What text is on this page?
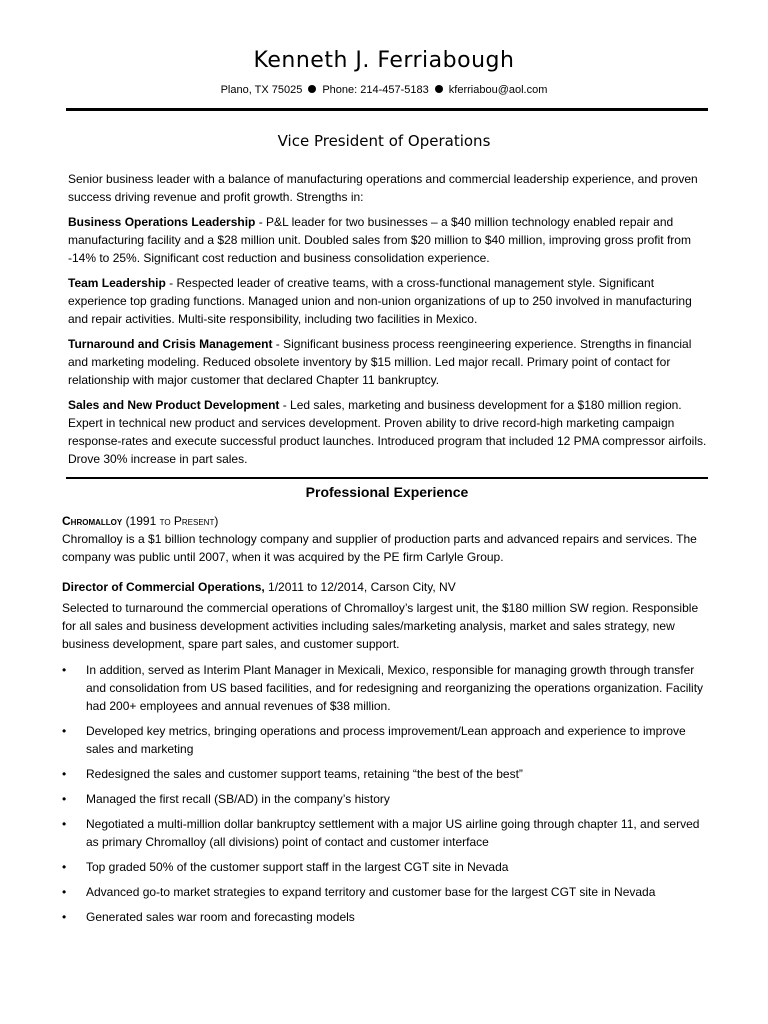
Kenneth J. Ferriabough
Plano, TX 75025 Phone: 214-457-5183 kferriabou@aol.com
Vice President of Operations

Senior business leader with a balance of manufacturing operations and commercial leadership experience, and proven success driving revenue and profit growth. Strengths in:

Business Operations Leadership - P&L leader for two businesses – a $40 million technology enabled repair and manufacturing facility and a $28 million unit. Doubled sales from $20 million to $40 million, improving gross profit from -14% to 25%. Significant cost reduction and business consolidation experience.

Team Leadership - Respected leader of creative teams, with a cross-functional management style. Significant experience top grading functions. Managed union and non-union organizations of up to 250 involved in manufacturing and repair activities. Multi-site responsibility, including two facilities in Mexico.

Turnaround and Crisis Management - Significant business process reengineering experience. Strengths in financial and marketing modeling. Reduced obsolete inventory by $15 million. Led major recall. Primary point of contact for relationship with major customer that declared Chapter 11 bankruptcy.

Sales and New Product Development - Led sales, marketing and business development for a $180 million region. Expert in technical new product and services development. Proven ability to drive record-high marketing campaign response-rates and execute successful product launches. Introduced program that included 12 PMA compressor airfoils. Drove 30% increase in part sales.

Professional Experience

Chromalloy (1991 to Present)

Chromalloy is a $1 billion technology company and supplier of production parts and advanced repairs and services. The company was public until 2007, when it was acquired by the PE firm Carlyle Group.

Director of Commercial Operations, 1/2011 to 12/2014, Carson City, NV

Selected to turnaround the commercial operations of Chromalloy’s largest unit, the $180 million SW region. Responsible for all sales and business development activities including sales/marketing analysis, market and sales strategy, new business development, spare part sales, and customer support.

• In addition, served as Interim Plant Manager in Mexicali, Mexico, responsible for managing growth through transfer and consolidation from US based facilities, and for redesigning and reorganizing the operations organization. Facility had 200+ employees and annual revenues of $38 million.
• Developed key metrics, bringing operations and process improvement/Lean approach and experience to improve sales and marketing
• Redesigned the sales and customer support teams, retaining “the best of the best”
• Managed the first recall (SB/AD) in the company’s history
• Negotiated a multi-million dollar bankruptcy settlement with a major US airline going through chapter 11, and served as primary Chromalloy (all divisions) point of contact and customer interface
• Top graded 50% of the customer support staff in the largest CGT site in Nevada
• Advanced go-to market strategies to expand territory and customer base for the largest CGT site in Nevada
• Generated sales war room and forecasting models
